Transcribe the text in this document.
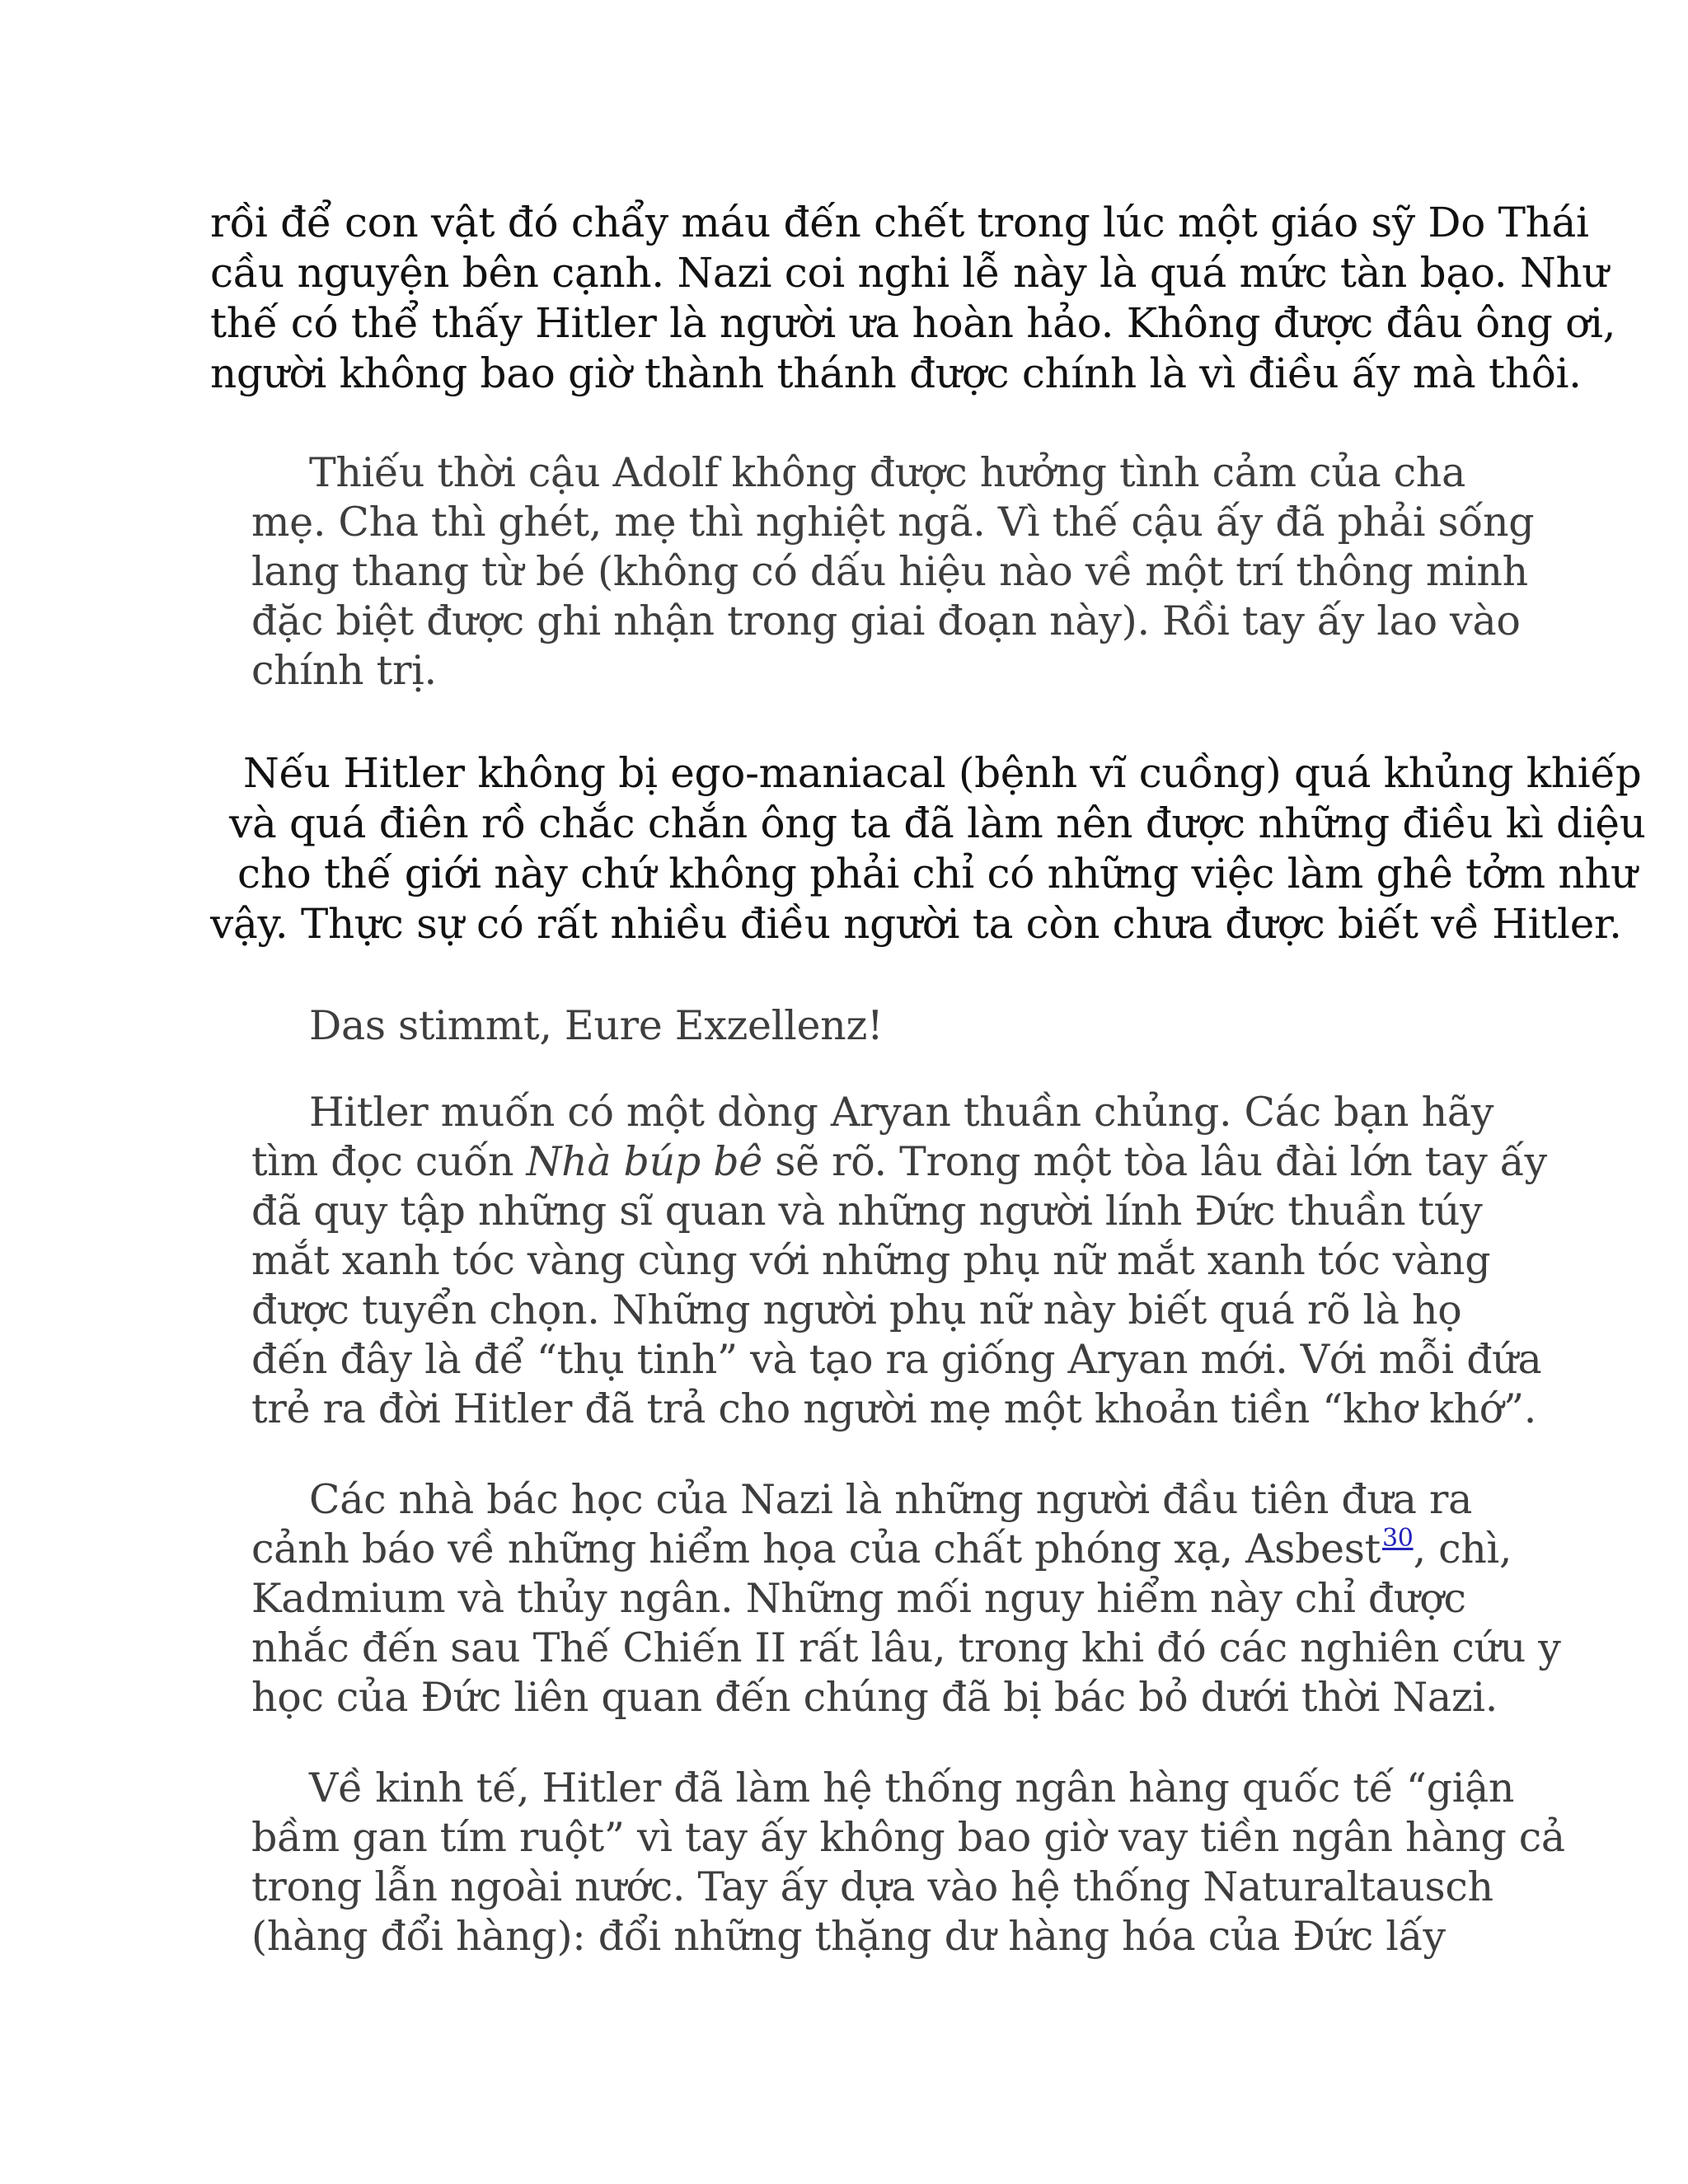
rồi để con vật đó chẩy máu đến chết trong lúc một giáo sỹ Do Thái
cầu nguyện bên cạnh. Nazi coi nghi lễ này là quá mức tàn bạo. Như
thế có thể thấy Hitler là người ưa hoàn hảo. Không được đâu ông ơi,
người không bao giờ thành thánh được chính là vì điều ấy mà thôi.
Thiếu thời cậu Adolf không được hưởng tình cảm của cha
mẹ. Cha thì ghét, mẹ thì nghiệt ngã. Vì thế cậu ấy đã phải sống
lang thang từ bé (không có dấu hiệu nào về một trí thông minh
đặc biệt được ghi nhận trong giai đoạn này). Rồi tay ấy lao vào
chính trị.
Nếu Hitler không bị ego-maniacal (bệnh vĩ cuồng) quá khủng khiếp
và quá điên rồ chắc chắn ông ta đã làm nên được những điều kì diệu
cho thế giới này chứ không phải chỉ có những việc làm ghê tởm như
vậy. Thực sự có rất nhiều điều người ta còn chưa được biết về Hitler.
Das stimmt, Eure Exzellenz!
Hitler muốn có một dòng Aryan thuần chủng. Các bạn hãy
tìm đọc cuốn Nhà búp bê sẽ rõ. Trong một tòa lâu đài lớn tay ấy
đã quy tập những sĩ quan và những người lính Đức thuần túy
mắt xanh tóc vàng cùng với những phụ nữ mắt xanh tóc vàng
được tuyển chọn. Những người phụ nữ này biết quá rõ là họ
đến đây là để “thụ tinh” và tạo ra giống Aryan mới. Với mỗi đứa
trẻ ra đời Hitler đã trả cho người mẹ một khoản tiền “khơ khớ”.
Các nhà bác học của Nazi là những người đầu tiên đưa ra
cảnh báo về những hiểm họa của chất phóng xạ, Asbest$^{30}$, chì,
Kadmium và thủy ngân. Những mối nguy hiểm này chỉ được
nhắc đến sau Thế Chiến II rất lâu, trong khi đó các nghiên cứu y
học của Đức liên quan đến chúng đã bị bác bỏ dưới thời Nazi.
Về kinh tế, Hitler đã làm hệ thống ngân hàng quốc tế “giận
bầm gan tím ruột” vì tay ấy không bao giờ vay tiền ngân hàng cả
trong lẫn ngoài nước. Tay ấy dựa vào hệ thống Naturaltausch
(hàng đổi hàng): đổi những thặng dư hàng hóa của Đức lấy
